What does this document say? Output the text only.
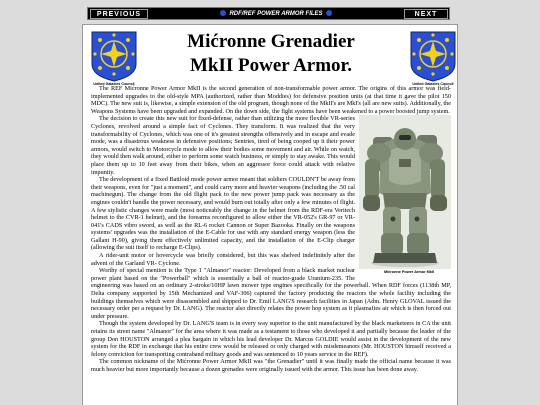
PREVIOUS	RDF/REF POWER ARMOR FILES	NEXT
United Galaxies Council
Mićronne Grenadier
MkII Power Armor.
United Galaxies Council

The REF Mićronne Power Armor MkII is the second generation of non-transformable power armor. The origins of this armor was field-implemented upgrades to the old-style MPA (authorized, rather than Moddies) for defensive position units (at that time it gave the pilot 150 MDC). The new suit is, likewise, a simple extension of the old program, though none of the MkII's are MkI's (all are new suits). Additionally, the Weapons Systems have been upgraded and expanded. On the down side, the fight systems have been weakened to a power boosted jump system.

Mićronne Power Armor MkII
The decision to create this new suit for fixed-defense, rather than utilizing the more flexible VR-series Cyclones, revolved around a simple fact of Cyclones. They transform. It was realized that the very transformability of Cyclones, which was one of it's greatest strengths offensively and in escape and evade mode, was a disastrous weakness in defensive positions; Sentries, tired of being cooped up it their power armors, would switch to Motorcycle mode to allow their bodies some movement and air. While on watch, they would then walk around, either to perform some watch business, or simply to stay awake. This would place them up to 10 feet away from their bikes, when an aggressor force could attack with relative impunity.

The development of a fixed Battloid mode power armor meant that soldiers COULDN'T be away from their weapons, even for "just a moment", and could carry more and heavier weapons (including the .50 cal machinegun). The change from the old flight pack to the new power jump pack was necessary as the engines couldn't handle the power necessary, and would burn out totally after only a few minutes of flight. A few stylistic changes were made (most noticeably the change in the helmet from the RDF-era Veritech helmet to the CVR-1 helmet), and the forearms reconfigured to allow either the VR-052's GR-97 or VR-041's CADS vibro sword, as well as the RL-6 rocket Cannon or Super Bazooka. Finally on the weapons systems' upgrades was the installation of the E-Cable for use with any standard energy weapon (less the Gallant H-90), giving them effectively unlimited capacity, and the installation of the E-Clip charger (allowing the suit itself to recharge E-Clips).

A rider-unit motor or hovercycle was briefly considered, but this was shelved indefinitely after the advent of the Garland VR- Cyclone.

Worthy of special mention is the Type 1 "Almanor" reactor: Developed from a black market nuclear power plant based on the "Powerball" which is essentially a ball of reactor-grade Uranium-235. The engineering was based on an ordinary 2-stroke/10HP lawn mower type engines specifically for the powerball. When RDF forces (1138th MP, Delta company supported by 15th Mechanized and VAF-306) captured the factory producing the reactors the whole facility including the buildings themselves which were disassembled and shipped to Dr. Emil LANG'S research facilities in Japan (Adm. Henry GLOVAL issued the necessary order per a request by Dr. LANG). The reactor also directly relates the power hop system as it plasmafies air which is then forced out under pressure.

Though the system developed by Dr. LANG'S team is in every way superior to the unit manufactured by the black marketeers in CA the unit retains its street name "Almanor" for the area where it was made as a testament to those who developed it and partially because the leader of the group Don HOUSTON arranged a plea bargain in which his lead developer Dr. Marcus GOLDIE would assist in the development of the new system for the RDF in exchange that his entire crew would be released or only charged with misdemeanors (Mr. HOUSTON himself received a felony conviction for transporting contraband military goods and was sentenced to 10 years service in the REF).

The common nickname of the Mićronne Power Armor MkII was "the Grenadier" until it was finally made the official name because it was much heavier but more importantly because a dozen grenades were originally issued with the armor. This issue has been done away.
